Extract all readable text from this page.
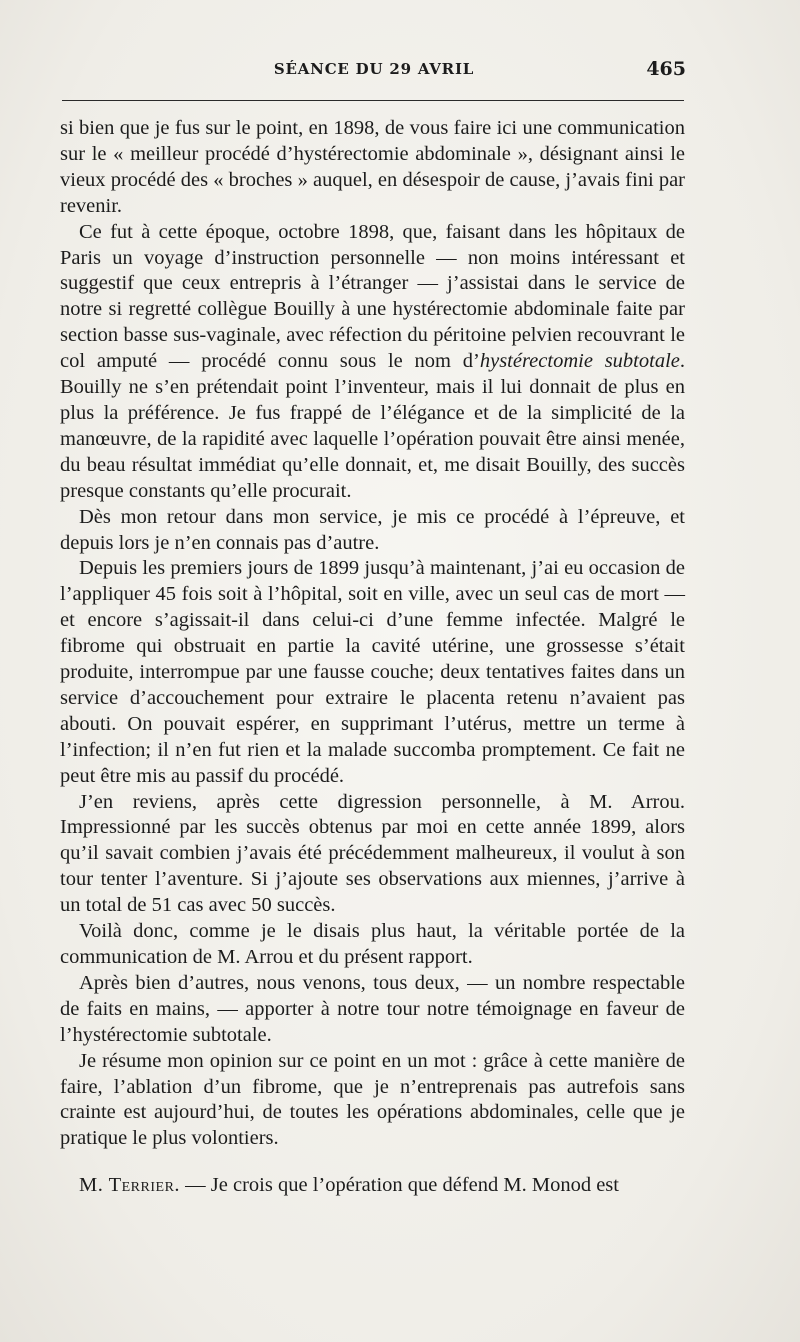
SÉANCE DU 29 AVRIL	465

si bien que je fus sur le point, en 1898, de vous faire ici une communication sur le « meilleur procédé d’hystérectomie abdominale », désignant ainsi le vieux procédé des « broches » auquel, en désespoir de cause, j’avais fini par revenir.

Ce fut à cette époque, octobre 1898, que, faisant dans les hôpitaux de Paris un voyage d’instruction personnelle — non moins intéressant et suggestif que ceux entrepris à l’étranger — j’assistai dans le service de notre si regretté collègue Bouilly à une hystérectomie abdominale faite par section basse sus-vaginale, avec réfection du péritoine pelvien recouvrant le col amputé — procédé connu sous le nom d’hystérectomie subtotale. Bouilly ne s’en prétendait point l’inventeur, mais il lui donnait de plus en plus la préférence. Je fus frappé de l’élégance et de la simplicité de la manœuvre, de la rapidité avec laquelle l’opération pouvait être ainsi menée, du beau résultat immédiat qu’elle donnait, et, me disait Bouilly, des succès presque constants qu’elle procurait.

Dès mon retour dans mon service, je mis ce procédé à l’épreuve, et depuis lors je n’en connais pas d’autre.

Depuis les premiers jours de 1899 jusqu’à maintenant, j’ai eu occasion de l’appliquer 45 fois soit à l’hôpital, soit en ville, avec un seul cas de mort — et encore s’agissait-il dans celui-ci d’une femme infectée. Malgré le fibrome qui obstruait en partie la cavité utérine, une grossesse s’était produite, interrompue par une fausse couche; deux tentatives faites dans un service d’accouchement pour extraire le placenta retenu n’avaient pas abouti. On pouvait espérer, en supprimant l’utérus, mettre un terme à l’infection; il n’en fut rien et la malade succomba promptement. Ce fait ne peut être mis au passif du procédé.

J’en reviens, après cette digression personnelle, à M. Arrou. Impressionné par les succès obtenus par moi en cette année 1899, alors qu’il savait combien j’avais été précédemment malheureux, il voulut à son tour tenter l’aventure. Si j’ajoute ses observations aux miennes, j’arrive à un total de 51 cas avec 50 succès.

Voilà donc, comme je le disais plus haut, la véritable portée de la communication de M. Arrou et du présent rapport.

Après bien d’autres, nous venons, tous deux, — un nombre respectable de faits en mains, — apporter à notre tour notre témoignage en faveur de l’hystérectomie subtotale.

Je résume mon opinion sur ce point en un mot : grâce à cette manière de faire, l’ablation d’un fibrome, que je n’entreprenais pas autrefois sans crainte est aujourd’hui, de toutes les opérations abdominales, celle que je pratique le plus volontiers.

M. Terrier. — Je crois que l’opération que défend M. Monod est
